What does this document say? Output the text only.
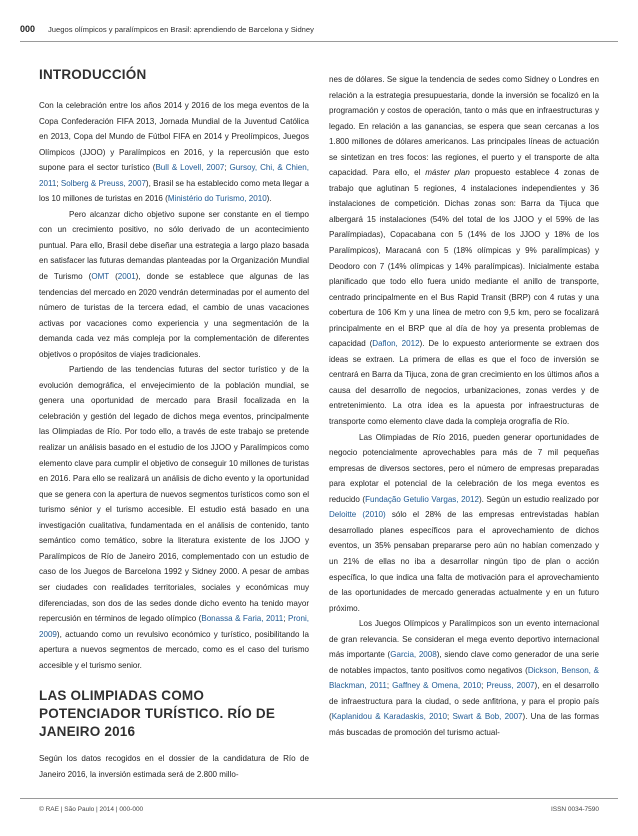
000	Juegos olímpicos y paralímpicos en Brasil: aprendiendo de Barcelona y Sidney
INTRODUCCIÓN

Con la celebración entre los años 2014 y 2016 de los mega eventos de la Copa Confederación FIFA 2013, Jornada Mundial de la Juventud Católica en 2013, Copa del Mundo de Fútbol FIFA en 2014 y Preolímpicos, Juegos Olímpicos (JJOO) y Paralímpicos en 2016, y la repercusión que esto supone para el sector turístico (Bull & Lovell, 2007; Gursoy, Chi, & Chien, 2011; Solberg & Preuss, 2007), Brasil se ha establecido como meta llegar a los 10 millones de turistas en 2016 (Ministério do Turismo, 2010).

Pero alcanzar dicho objetivo supone ser constante en el tiempo con un crecimiento positivo, no sólo derivado de un acontecimiento puntual. Para ello, Brasil debe diseñar una estrategia a largo plazo basada en satisfacer las futuras demandas planteadas por la Organización Mundial de Turismo (OMT (2001), donde se establece que algunas de las tendencias del mercado en 2020 vendrán determinadas por el aumento del número de turistas de la tercera edad, el cambio de unas vacaciones activas por vacaciones como experiencia y una segmentación de la demanda cada vez más compleja por la complementación de diferentes objetivos o propósitos de viajes tradicionales.

Partiendo de las tendencias futuras del sector turístico y de la evolución demográfica, el envejecimiento de la población mundial, se genera una oportunidad de mercado para Brasil focalizada en la celebración y gestión del legado de dichos mega eventos, principalmente las Olimpiadas de Río. Por todo ello, a través de este trabajo se pretende realizar un análisis basado en el estudio de los JJOO y Paralímpicos como elemento clave para cumplir el objetivo de conseguir 10 millones de turistas en 2016. Para ello se realizará un análisis de dicho evento y la oportunidad que se genera con la apertura de nuevos segmentos turísticos como son el turismo sénior y el turismo accesible. El estudio está basado en una investigación cualitativa, fundamentada en el análisis de contenido, tanto semántico como temático, sobre la literatura existente de los JJOO y Paralímpicos de Río de Janeiro 2016, complementado con un estudio de caso de los Juegos de Barcelona 1992 y Sidney 2000. A pesar de ambas ser ciudades con realidades territoriales, sociales y económicas muy diferenciadas, son dos de las sedes donde dicho evento ha tenido mayor repercusión en términos de legado olímpico (Bonassa & Faria, 2011; Proni, 2009), actuando como un revulsivo económico y turístico, posibilitando la apertura a nuevos segmentos de mercado, como es el caso del turismo accesible y el turismo senior.

LAS OLIMPIADAS COMO POTENCIADOR TURÍSTICO. RÍO DE JANEIRO 2016

Según los datos recogidos en el dossier de la candidatura de Río de Janeiro 2016, la inversión estimada será de 2.800 millo-

nes de dólares. Se sigue la tendencia de sedes como Sidney o Londres en relación a la estrategia presupuestaria, donde la inversión se focalizó en la programación y costos de operación, tanto o más que en infraestructuras y legado. En relación a las ganancias, se espera que sean cercanas a los 1.800 millones de dólares americanos. Las principales líneas de actuación se sintetizan en tres focos: las regiones, el puerto y el transporte de alta capacidad. Para ello, el máster plan propuesto establece 4 zonas de trabajo que aglutinan 5 regiones, 4 instalaciones independientes y 36 instalaciones de competición. Dichas zonas son: Barra da Tijuca que albergará 15 instalaciones (54% del total de los JJOO y el 59% de las Paralímpiadas), Copacabana con 5 (14% de los JJOO y 18% de los Paralímpicos), Maracaná con 5 (18% olímpicas y 9% paralímpicas) y Deodoro con 7 (14% olímpicas y 14% paralímpicas). Inicialmente estaba planificado que todo ello fuera unido mediante el anillo de transporte, centrado principalmente en el Bus Rapid Transit (BRP) con 4 rutas y una cobertura de 106 Km y una línea de metro con 9,5 km, pero se focalizará principalmente en el BRP que al día de hoy ya presenta problemas de capacidad (Daflon, 2012). De lo expuesto anteriormente se extraen dos ideas se extraen. La primera de ellas es que el foco de inversión se centrará en Barra da Tijuca, zona de gran crecimiento en los últimos años a causa del desarrollo de negocios, urbanizaciones, zonas verdes y de entretenimiento. La otra idea es la apuesta por infraestructuras de transporte como elemento clave dada la compleja orografía de Río.

Las Olimpiadas de Río 2016, pueden generar oportunidades de negocio potencialmente aprovechables para más de 7 mil pequeñas empresas de diversos sectores, pero el número de empresas preparadas para explotar el potencial de la celebración de los mega eventos es reducido (Fundação Getulio Vargas, 2012). Según un estudio realizado por Deloitte (2010) sólo el 28% de las empresas entrevistadas habían desarrollado planes específicos para el aprovechamiento de dichos eventos, un 35% pensaban prepararse pero aún no habían comenzado y un 21% de ellas no iba a desarrollar ningún tipo de plan o acción específica, lo que indica una falta de motivación para el aprovechamiento de las oportunidades de mercado generadas actualmente y en un futuro próximo.

Los Juegos Olímpicos y Paralímpicos son un evento internacional de gran relevancia. Se consideran el mega evento deportivo internacional más importante (Garcia, 2008), siendo clave como generador de una serie de notables impactos, tanto positivos como negativos (Dickson, Benson, & Blackman, 2011; Gaffney & Omena, 2010; Preuss, 2007), en el desarrollo de infraestructura para la ciudad, o sede anfitriona, y para el propio país (Kaplanidou & Karadaskis, 2010; Swart & Bob, 2007). Una de las formas más buscadas de promoción del turismo actual-

© RAE | São Paulo | 2014 | 000-000	ISSN 0034-7590
